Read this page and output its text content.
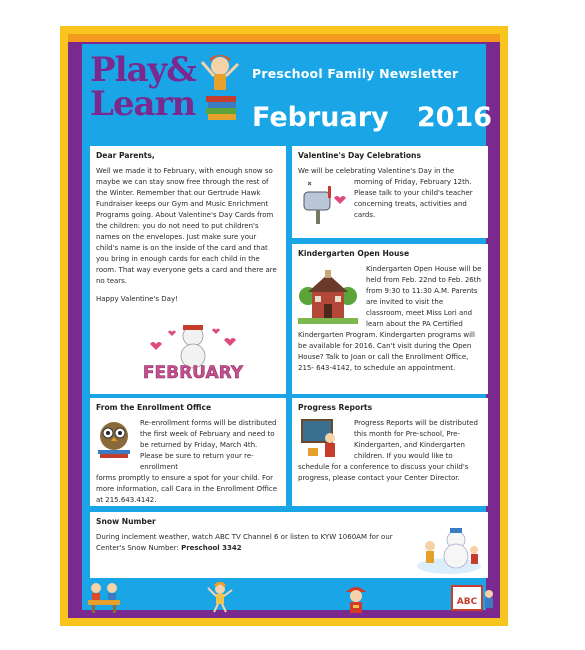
Play&
Learn
Preschool Family Newsletter
February   2016
Dear Parents,

Well we made it to February, with enough snow so maybe we can stay snow free through the rest of the Winter. Remember that our Gertrude Hawk Fundraiser keeps our Gym and Music Enrichment Programs going. About Valentine's Day Cards from the children: you do not need to put children's names on the envelopes. Just make sure your child's name is on the inside of the card and that you bring in enough cards for each child in the room. That way everyone gets a card and there are no tears.

Happy Valentine's Day!

FEBRUARY
Valentine's Day Celebrations

We will be celebrating Valentine's Day in the

morning of Friday, February 12th. Please talk to your child's teacher concerning treats, activities and cards.

Kindergarten Open House

Kindergarten Open House will be held from Feb. 22nd to Feb. 26th from 9:30 to 11:30 A.M. Parents are invited to visit the classroom, meet Miss Lori and learn about the PA Certified

Kindergarten Program. Kindergarten programs will be available for 2016. Can't visit during the Open House? Talk to Joan or call the Enrollment Office, 215- 643-4142, to schedule an appointment.

From the Enrollment Office

Re-enrollment forms will be distributed the first week of February and need to be returned by Friday, March 4th. Please be sure to return your re-enrollment

forms promptly to ensure a spot for your child. For more information, call Cara in the Enrollment Office at 215.643.4142.

Progress Reports

Progress Reports will be distributed this month for Pre-school, Pre-Kindergarten, and Kindergarten children. If you would like to

schedule for a conference to discuss your child's progress, please contact your Center Director.

Snow Number

During inclement weather, watch ABC TV Channel 6 or listen to KYW 1060AM for our Center's Snow Number: Preschool 3342

ABC
